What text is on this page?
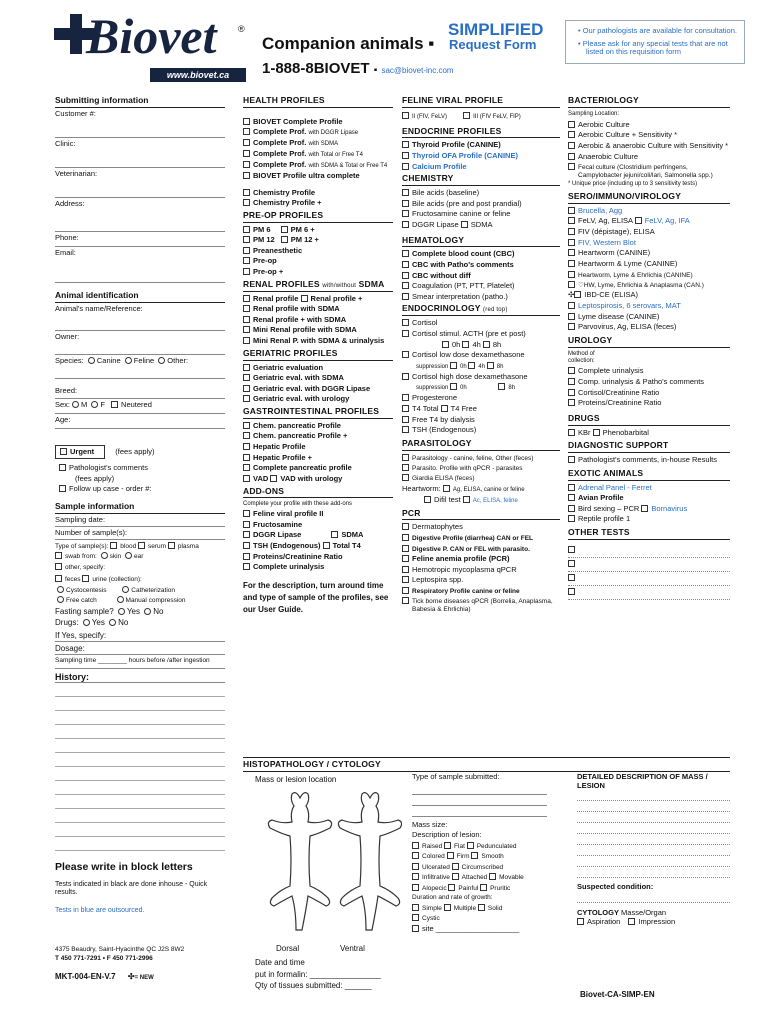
Biovet ®
www.biovet.ca
Companion animals ▪
SIMPLIFIED
Request Form
1-888-8BIOVET ▪ sac@biovet-inc.com
• Our pathologists are available for consultation.
• Please ask for any special tests that are not listed on this requisition form
Submitting information
Customer #:
Clinic:
Veterinarian:
Address:
Phone:
Email:
Animal identification
Animal's name/Reference:
Owner:
Species: Canine Feline Other:
Breed:
Sex: M F Neutered
Age:
Urgent	(fees apply)
Pathologist's comments
(fees apply)
Follow up case - order #:
Sample information
Sampling date:
Number of sample(s):
Type of sample(s): blood serum plasma
swab from: skin ear
other, specify:
feces urine (collection):
Cystocentesis	Catheterization
Free catch	Manual compression
Fasting sample? Yes No
Drugs: Yes No
If Yes, specify:
Dosage:
Sampling time ________ hours before /after ingestion
History:
Please write in block letters
Tests indicated in black are done inhouse - Quick results.
Tests in blue are outsourced.
4375 Beaudry, Saint-Hyacinthe QC J2S 8W2
T 450 771-7291 • F 450 771-2996
MKT-004-EN-V.7 ✣= NEW
HEALTH PROFILES
BIOVET Complete Profile
Complete Prof. with DGGR Lipase
Complete Prof. with SDMA
Complete Prof. with Total or Free T4
Complete Prof. with SDMA & Total or Free T4
BIOVET Profile ultra complete
Chemistry Profile
Chemistry Profile +
PRE-OP PROFILES
PM 6	PM 6 +
PM 12 PM 12 +
Preanesthetic
Pre-op
Pre-op +
RENAL PROFILES with/without SDMA
Renal profile Renal profile +
Renal profile with SDMA
Renal profile + with SDMA
Mini Renal profile with SDMA
Mini Renal P. with SDMA & urinalysis
GERIATRIC PROFILES
Geriatric evaluation
Geriatric eval. with SDMA
Geriatric eval. with DGGR Lipase
Geriatric eval. with urology
GASTROINTESTINAL PROFILES
Chem. pancreatic Profile
Chem. pancreatic Profile +
Hepatic Profile
Hepatic Profile +
Complete pancreatic profile
VAD VAD with urology
ADD-ONS
Complete your profile with these add-ons
Feline viral profile II
Fructosamine
DGGR Lipase	SDMA
TSH (Endogenous) Total T4
Proteins/Creatinine Ratio
Complete urinalysis
For the description, turn around time and type of sample of the profiles, see our User Guide.
FELINE VIRAL PROFILE
II (FIV, FeLV)	III (FIV FeLV, FIP)
ENDOCRINE PROFILES
Thyroid Profile (CANINE)
Thyroid OFA Profile (CANINE)
Calcium Profile
CHEMISTRY
Bile acids (baseline)
Bile acids (pre and post prandial)
Fructosamine canine or feline
DGGR Lipase SDMA
HEMATOLOGY
Complete blood count (CBC)
CBC with Patho's comments
CBC without diff
Coagulation (PT, PTT, Platelet)
Smear interpretation (patho.)
ENDOCRINOLOGY (red top)
Cortisol
Cortisol stimul. ACTH (pre et post)
0h 4h 8h
Cortisol low dose dexamethasone
suppression 0h 4h 8h
Cortisol high dose dexamethasone
suppression 0h	8h
Progesterone
T4 Total T4 Free
Free T4 by dialysis
TSH (Endogenous)
PARASITOLOGY
Parasitology - canine, feline, Other (feces)
Parasito. Profile with qPCR - parasites
Giardia ELISA (feces)
Heartworm: Ag, ELISA, canine or feline
Difil test Ac, ELISA, feline
PCR
Dermatophytes
Digestive Profile (diarrhea) CAN or FEL
Digestive P. CAN or FEL with parasito.
Feline anemia profile (PCR)
Hemotropic mycoplasma qPCR
Leptospira spp.
Respiratory Profile canine or feline
Tick borne diseases qPCR (Borrelia, Anaplasma, Babesia & Ehrlichia)
BACTERIOLOGY
Sampling Location:
Aerobic Culture
Aerobic Culture + Sensitivity *
Aerobic & anaerobic Culture with Sensitivity *
Anaerobic Culture
Fecal culture (Clostridium perfringens, Campylobacter jejuni/coli/lari, Salmonella spp.)
* Unique price (including up to 3 sensitivity tests)
SERO/IMMUNO/VIROLOGY
Brucella, Agg
FeLV, Ag, ELISA FeLV, Ag, IFA
FIV (dépistage), ELISA
FIV, Western Blot
Heartworm (CANINE)
Heartworm & Lyme (CANINE)
Heartworm, Lyme & Ehrlichia (CANINE)
♡HW, Lyme, Ehrlichia & Anaplasma (CAN.)
✣ IBD-CE (ELISA)
Leptospirosis, 6 serovars, MAT
Lyme disease (CANINE)
Parvovirus, Ag, ELISA (feces)
UROLOGY
Method of collection:
Complete urinalysis
Comp. urinalysis & Patho's comments
Cortisol/Creatinine Ratio
Proteins/Creatinine Ratio
DRUGS
KBr Phenobarbital
DIAGNOSTIC SUPPORT
Pathologist's comments, in-house Results
EXOTIC ANIMALS
Adrenal Panel - Ferret
Avian Profile
Bird sexing – PCR Bornavirus
Reptile profile 1
OTHER TESTS
HISTOPATHOLOGY / CYTOLOGY
Mass or lesion location
Dorsal	Ventral
Date and time
put in formalin: ________________
Qty of tissues submitted: ______
Type of sample submitted:
Mass size:
Description of lesion:
Raised Flat Pedunculated
Colored Firm Smooth
Ulcerated Circumscribed
Infiltrative Attached Movable
Alopecic Painful Pruritic
Duration and rate of growth:
Simple Multiple Solid
Cystic
site ____________________
DETAILED DESCRIPTION OF MASS / LESION
Suspected condition:
CYTOLOGY Masse/Organ
Aspiration Impression
Biovet-CA-SIMP-EN
